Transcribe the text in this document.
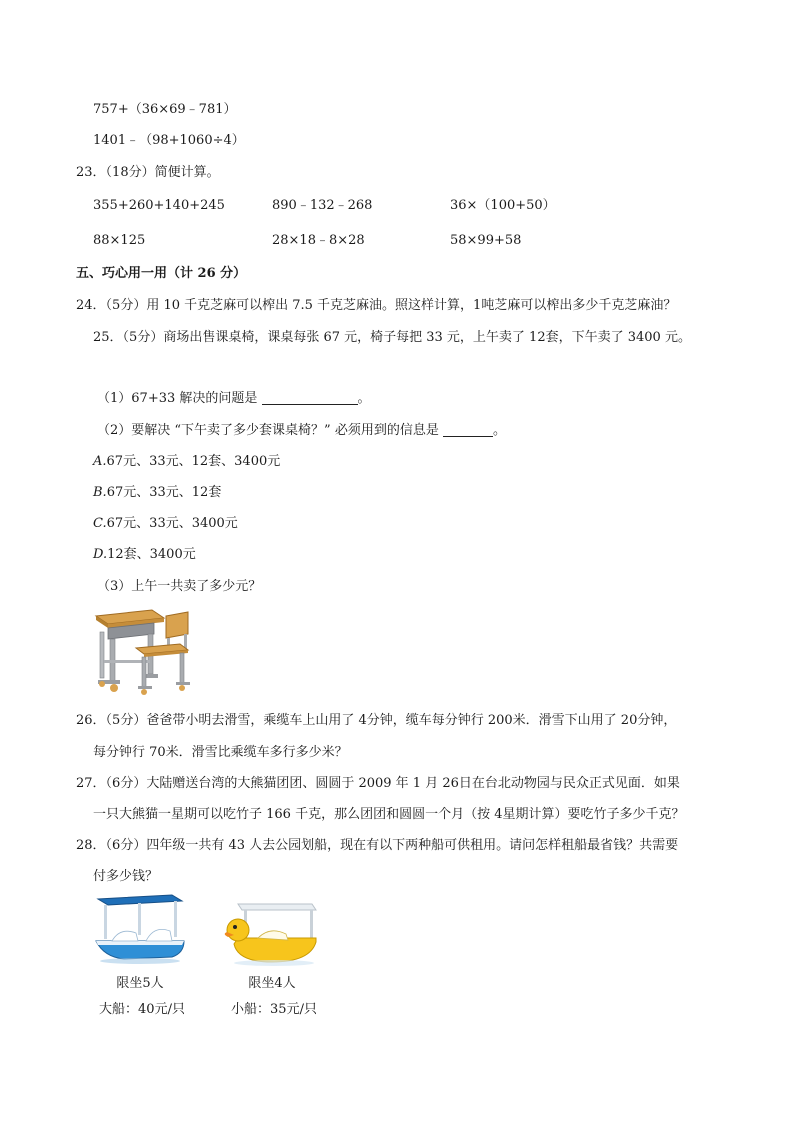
757+（36×69﹣781）
1401﹣（98+1060÷4）
23．（18分）简便计算。
355+260+140+245	890﹣132﹣268	36×（100+50）
88×125	28×18﹣8×28	58×99+58
五、巧心用一用（计 26 分）
24．（5分）用 10 千克芝麻可以榨出 7.5 千克芝麻油。照这样计算，1吨芝麻可以榨出多少千克芝麻油？
25．（5分）商场出售课桌椅，课桌每张 67 元，椅子每把 33 元，上午卖了 12套，下午卖了 3400 元。
（1）67+33 解决的问题是	。
（2）要解决 “下午卖了多少套课桌椅？” 必须用到的信息是	。
A.67元、33元、12套、3400元
B.67元、33元、12套
C.67元、33元、3400元
D.12套、3400元
（3）上午一共卖了多少元？
26．（5分）爸爸带小明去滑雪，乘缆车上山用了 4分钟，缆车每分钟行 200米．滑雪下山用了 20分钟，
每分钟行 70米．滑雪比乘缆车多行多少米？
27．（6分）大陆赠送台湾的大熊猫团团、圆圆于 2009 年 1 月 26日在台北动物园与民众正式见面．如果
一只大熊猫一星期可以吃竹子 166 千克，那么团团和圆圆一个月（按 4星期计算）要吃竹子多少千克？
28．（6分）四年级一共有 43 人去公园划船，现在有以下两种船可供租用。请问怎样租船最省钱？共需要
付多少钱？
限坐5人
大船：40元/只
限坐4人
小船：35元/只
